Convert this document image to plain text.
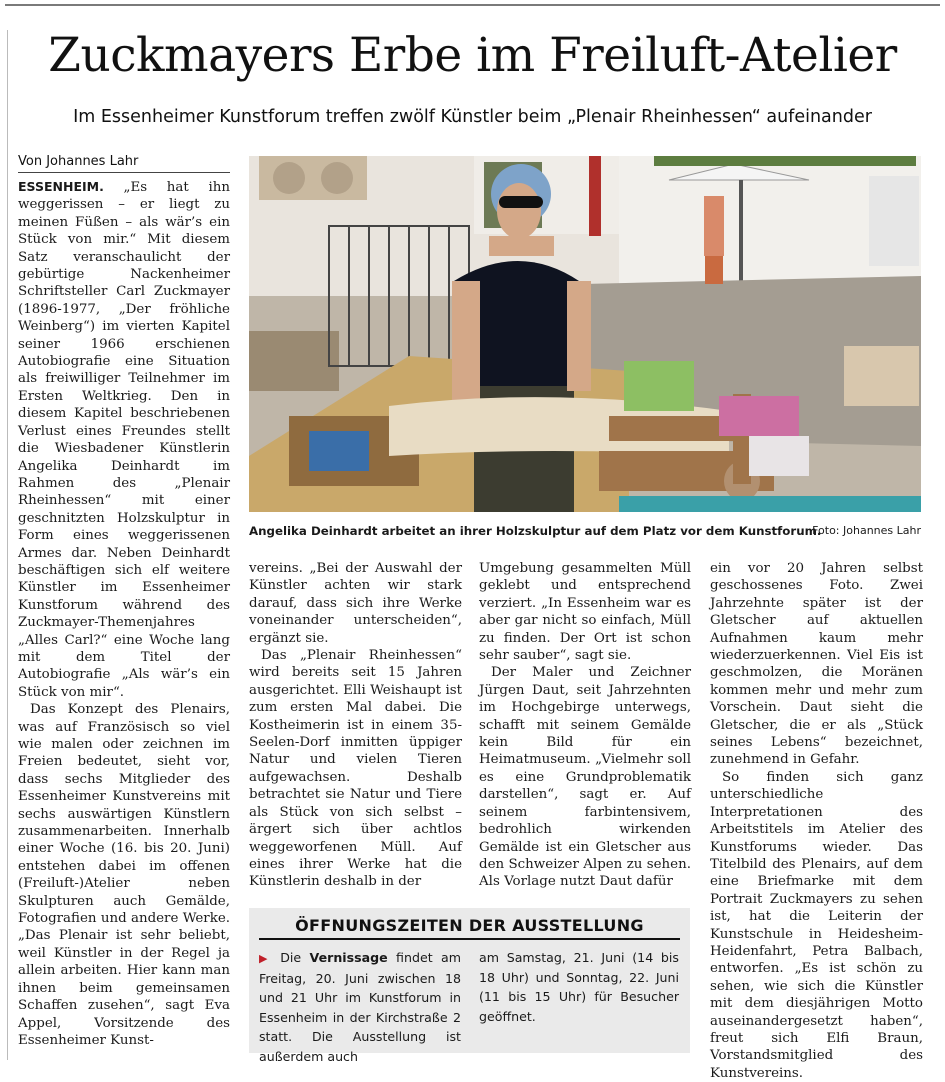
Zuckmayers Erbe im Freiluft-Atelier
Im Essenheimer Kunstforum treffen zwölf Künstler beim „Plenair Rheinhessen“ aufeinander
Von Johannes Lahr

ESSENHEIM. „Es hat ihn weggerissen – er liegt zu meinen Füßen – als wär’s ein Stück von mir.“ Mit diesem Satz veranschaulicht der gebürtige Nackenheimer Schriftsteller Carl Zuckmayer (1896-1977, „Der fröhliche Weinberg“) im vierten Kapitel seiner 1966 erschienen Autobiografie eine Situation als freiwilliger Teilnehmer im Ersten Weltkrieg. Den in diesem Kapitel beschriebenen Verlust eines Freundes stellt die Wiesbadener Künstlerin Angelika Deinhardt im Rahmen des „Plenair Rheinhessen“ mit einer geschnitzten Holzskulptur in Form eines weggerissenen Armes dar. Neben Deinhardt beschäftigen sich elf weitere Künstler im Essenheimer Kunstforum während des Zuckmayer-Themenjahres „Alles Carl?“ eine Woche lang mit dem Titel der Autobiografie „Als wär’s ein Stück von mir“.

Das Konzept des Plenairs, was auf Französisch so viel wie malen oder zeichnen im Freien bedeutet, sieht vor, dass sechs Mitglieder des Essenheimer Kunstvereins mit sechs auswärtigen Künstlern zusammenarbeiten. Innerhalb einer Woche (16. bis 20. Juni) entstehen dabei im offenen (Freiluft-)Atelier neben Skulpturen auch Gemälde, Fotografien und andere Werke. „Das Plenair ist sehr beliebt, weil Künstler in der Regel ja allein arbeiten. Hier kann man ihnen beim gemeinsamen Schaffen zusehen“, sagt Eva Appel, Vorsitzende des Essenheimer Kunst-

Angelika Deinhardt arbeitet an ihrer Holzskulptur auf dem Platz vor dem Kunstforum.
Foto: Johannes Lahr

vereins. „Bei der Auswahl der Künstler achten wir stark darauf, dass sich ihre Werke voneinander unterscheiden“, ergänzt sie.

Das „Plenair Rheinhessen“ wird bereits seit 15 Jahren ausgerichtet. Elli Weishaupt ist zum ersten Mal dabei. Die Kostheimerin ist in einem 35-Seelen-Dorf inmitten üppiger Natur und vielen Tieren aufgewachsen. Deshalb betrachtet sie Natur und Tiere als Stück von sich selbst – ärgert sich über achtlos weggeworfenen Müll. Auf eines ihrer Werke hat die Künstlerin deshalb in der

Umgebung gesammelten Müll geklebt und entsprechend verziert. „In Essenheim war es aber gar nicht so einfach, Müll zu finden. Der Ort ist schon sehr sauber“, sagt sie.

Der Maler und Zeichner Jürgen Daut, seit Jahrzehnten im Hochgebirge unterwegs, schafft mit seinem Gemälde kein Bild für ein Heimatmuseum. „Vielmehr soll es eine Grundproblematik darstellen“, sagt er. Auf seinem farbintensivem, bedrohlich wirkenden Gemälde ist ein Gletscher aus den Schweizer Alpen zu sehen. Als Vorlage nutzt Daut dafür

ein vor 20 Jahren selbst geschossenes Foto. Zwei Jahrzehnte später ist der Gletscher auf aktuellen Aufnahmen kaum mehr wiederzuerkennen. Viel Eis ist geschmolzen, die Moränen kommen mehr und mehr zum Vorschein. Daut sieht die Gletscher, die er als „Stück seines Lebens“ bezeichnet, zunehmend in Gefahr.

So finden sich ganz unterschiedliche Interpretationen des Arbeitstitels im Atelier des Kunstforums wieder. Das Titelbild des Plenairs, auf dem eine Briefmarke mit dem Portrait Zuckmayers zu sehen ist, hat die Leiterin der Kunstschule in Heidesheim-Heidenfahrt, Petra Balbach, entworfen. „Es ist schön zu sehen, wie sich die Künstler mit dem diesjährigen Motto auseinandergesetzt haben“, freut sich Elfi Braun, Vorstandsmitglied des Kunstvereins.

ÖFFNUNGSZEITEN DER AUSSTELLUNG
▶ Die Vernissage findet am Freitag, 20. Juni zwischen 18 und 21 Uhr im Kunstforum in Essenheim in der Kirchstraße 2 statt. Die Ausstellung ist außerdem auch
am Samstag, 21. Juni (14 bis 18 Uhr) und Sonntag, 22. Juni (11 bis 15 Uhr) für Besucher geöffnet.
